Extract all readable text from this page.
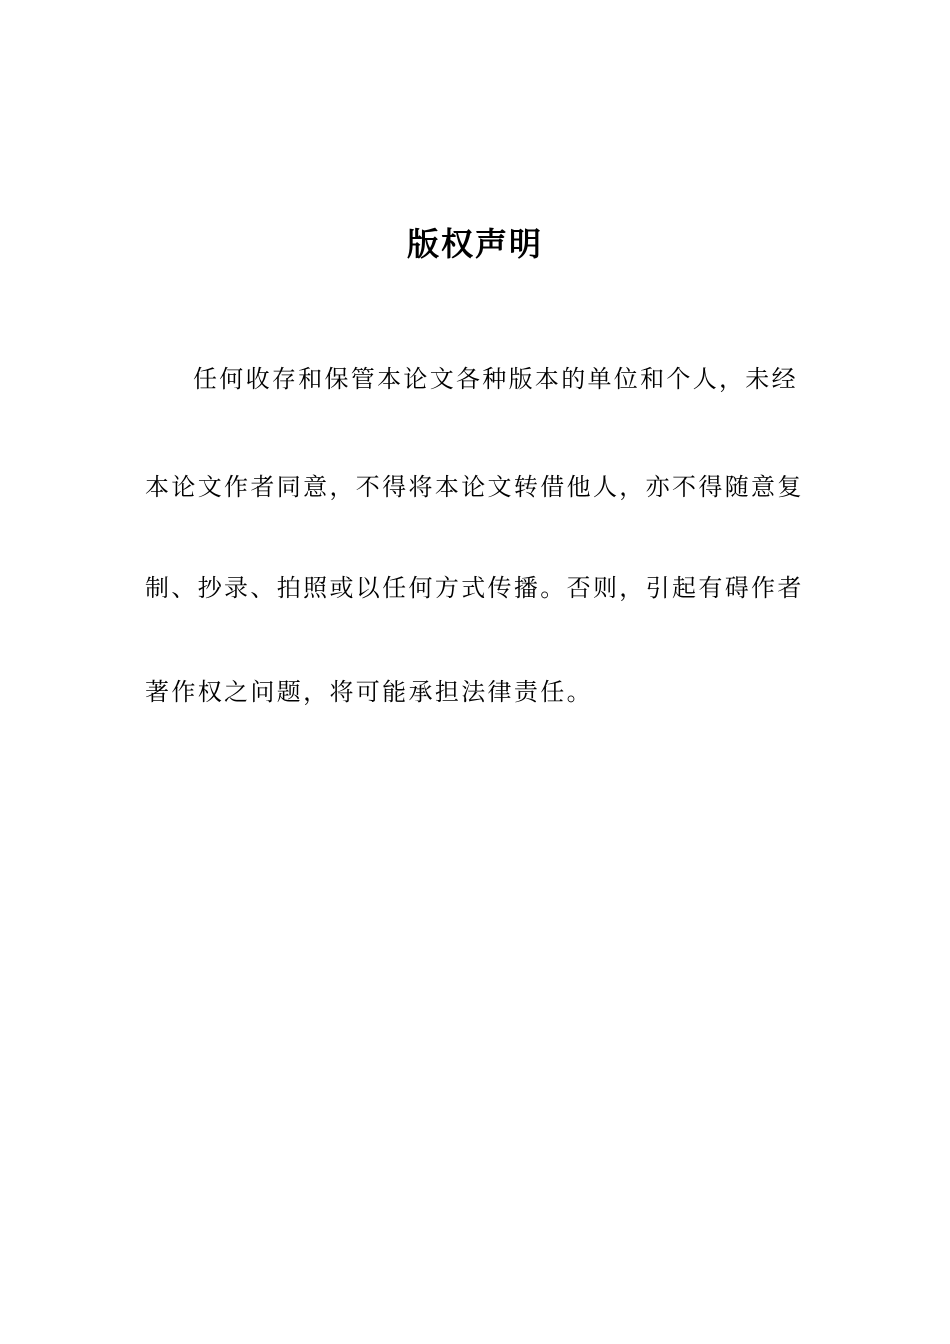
版权声明

任何收存和保管本论文各种版本的单位和个人，未经

本论文作者同意，不得将本论文转借他人，亦不得随意复

制、抄录、拍照或以任何方式传播。否则，引起有碍作者

著作权之问题，将可能承担法律责任。
